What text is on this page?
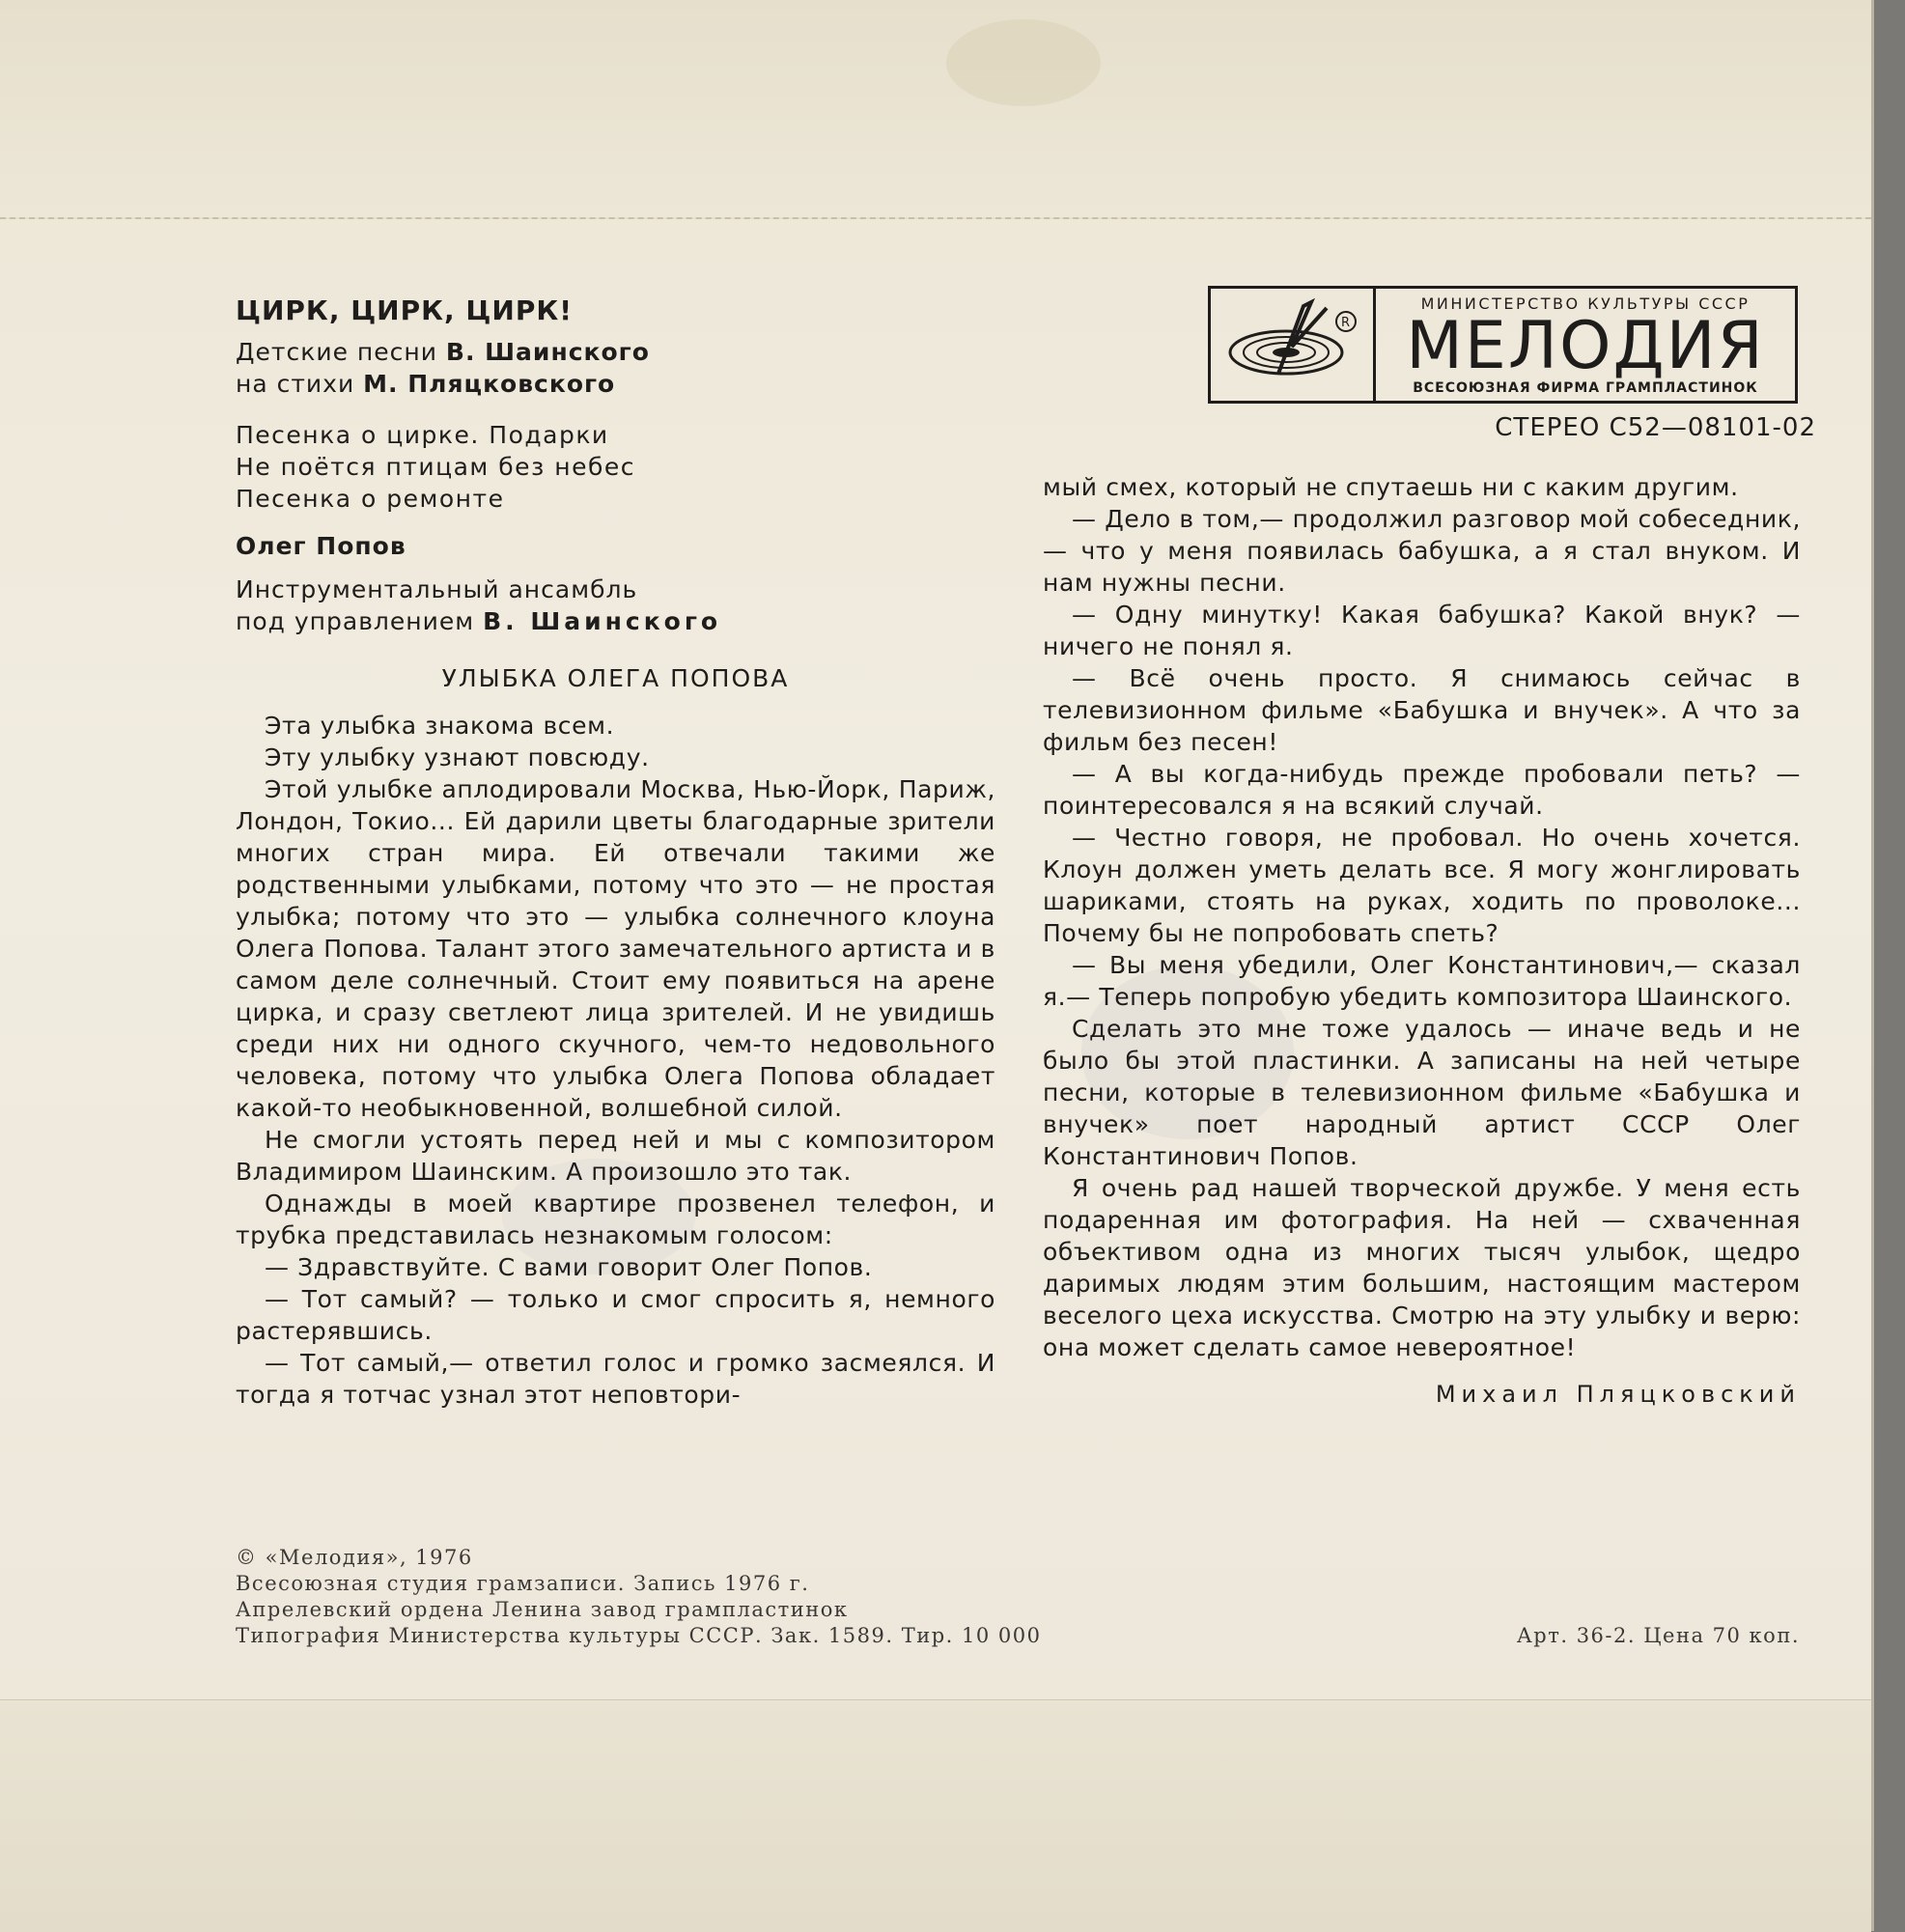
ЦИРК, ЦИРК, ЦИРК!
Детские песни В. Шаинского
на стихи М. Пляцковского
Песенка о цирке. Подарки
Не поётся птицам без небес
Песенка о ремонте
Олег Попов
Инструментальный ансамбль
под управлением В. Шаинского
УЛЫБКА ОЛЕГА ПОПОВА

Эта улыбка знакома всем.

Эту улыбку узнают повсюду.

Этой улыбке аплодировали Москва, Нью-Йорк, Париж, Лондон, Токио... Ей дарили цветы благодарные зрители многих стран мира. Ей отвечали такими же родственными улыбками, потому что это — не простая улыбка; потому что это — улыбка солнечного клоуна Олега Попова. Талант этого замечательного артиста и в самом деле солнечный. Стоит ему появиться на арене цирка, и сразу светлеют лица зрителей. И не увидишь среди них ни одного скучного, чем-то недовольного человека, потому что улыбка Олега Попова обладает какой-то необыкновенной, волшебной силой.

Не смогли устоять перед ней и мы с композитором Владимиром Шаинским. А произошло это так.

Однажды в моей квартире прозвенел телефон, и трубка представилась незнакомым голосом:

— Здравствуйте. С вами говорит Олег Попов.

— Тот самый? — только и смог спросить я, немного растерявшись.

— Тот самый,— ответил голос и громко засмеялся. И тогда я тотчас узнал этот неповтори-

R
МИНИСТЕРСТВО КУЛЬТУРЫ СССР
МЕЛОДИЯ
ВСЕСОЮЗНАЯ ФИРМА ГРАМПЛАСТИНОК
СТЕРЕО С52—08101-02

мый смех, который не спутаешь ни с каким другим.

— Дело в том,— продолжил разговор мой собеседник,— что у меня появилась бабушка, а я стал внуком. И нам нужны песни.

— Одну минутку! Какая бабушка? Какой внук? — ничего не понял я.

— Всё очень просто. Я снимаюсь сейчас в телевизионном фильме «Бабушка и внучек». А что за фильм без песен!

— А вы когда-нибудь прежде пробовали петь? — поинтересовался я на всякий случай.

— Честно говоря, не пробовал. Но очень хочется. Клоун должен уметь делать все. Я могу жонглировать шариками, стоять на руках, ходить по проволоке... Почему бы не попробовать спеть?

— Вы меня убедили, Олег Константинович,— сказал я.— Теперь попробую убедить композитора Шаинского.

Сделать это мне тоже удалось — иначе ведь и не было бы этой пластинки. А записаны на ней четыре песни, которые в телевизионном фильме «Бабушка и внучек» поет народный артист СССР Олег Константинович Попов.

Я очень рад нашей творческой дружбе. У меня есть подаренная им фотография. На ней — схваченная объективом одна из многих тысяч улыбок, щедро даримых людям этим большим, настоящим мастером веселого цеха искусства. Смотрю на эту улыбку и верю: она может сделать самое невероятное!

Михаил Пляцковский
© «Мелодия», 1976
Всесоюзная студия грамзаписи. Запись 1976 г.
Апрелевский ордена Ленина завод грампластинок
Типография Министерства культуры СССР. Зак. 1589. Тир. 10 000	Арт. 36-2. Цена 70 коп.
